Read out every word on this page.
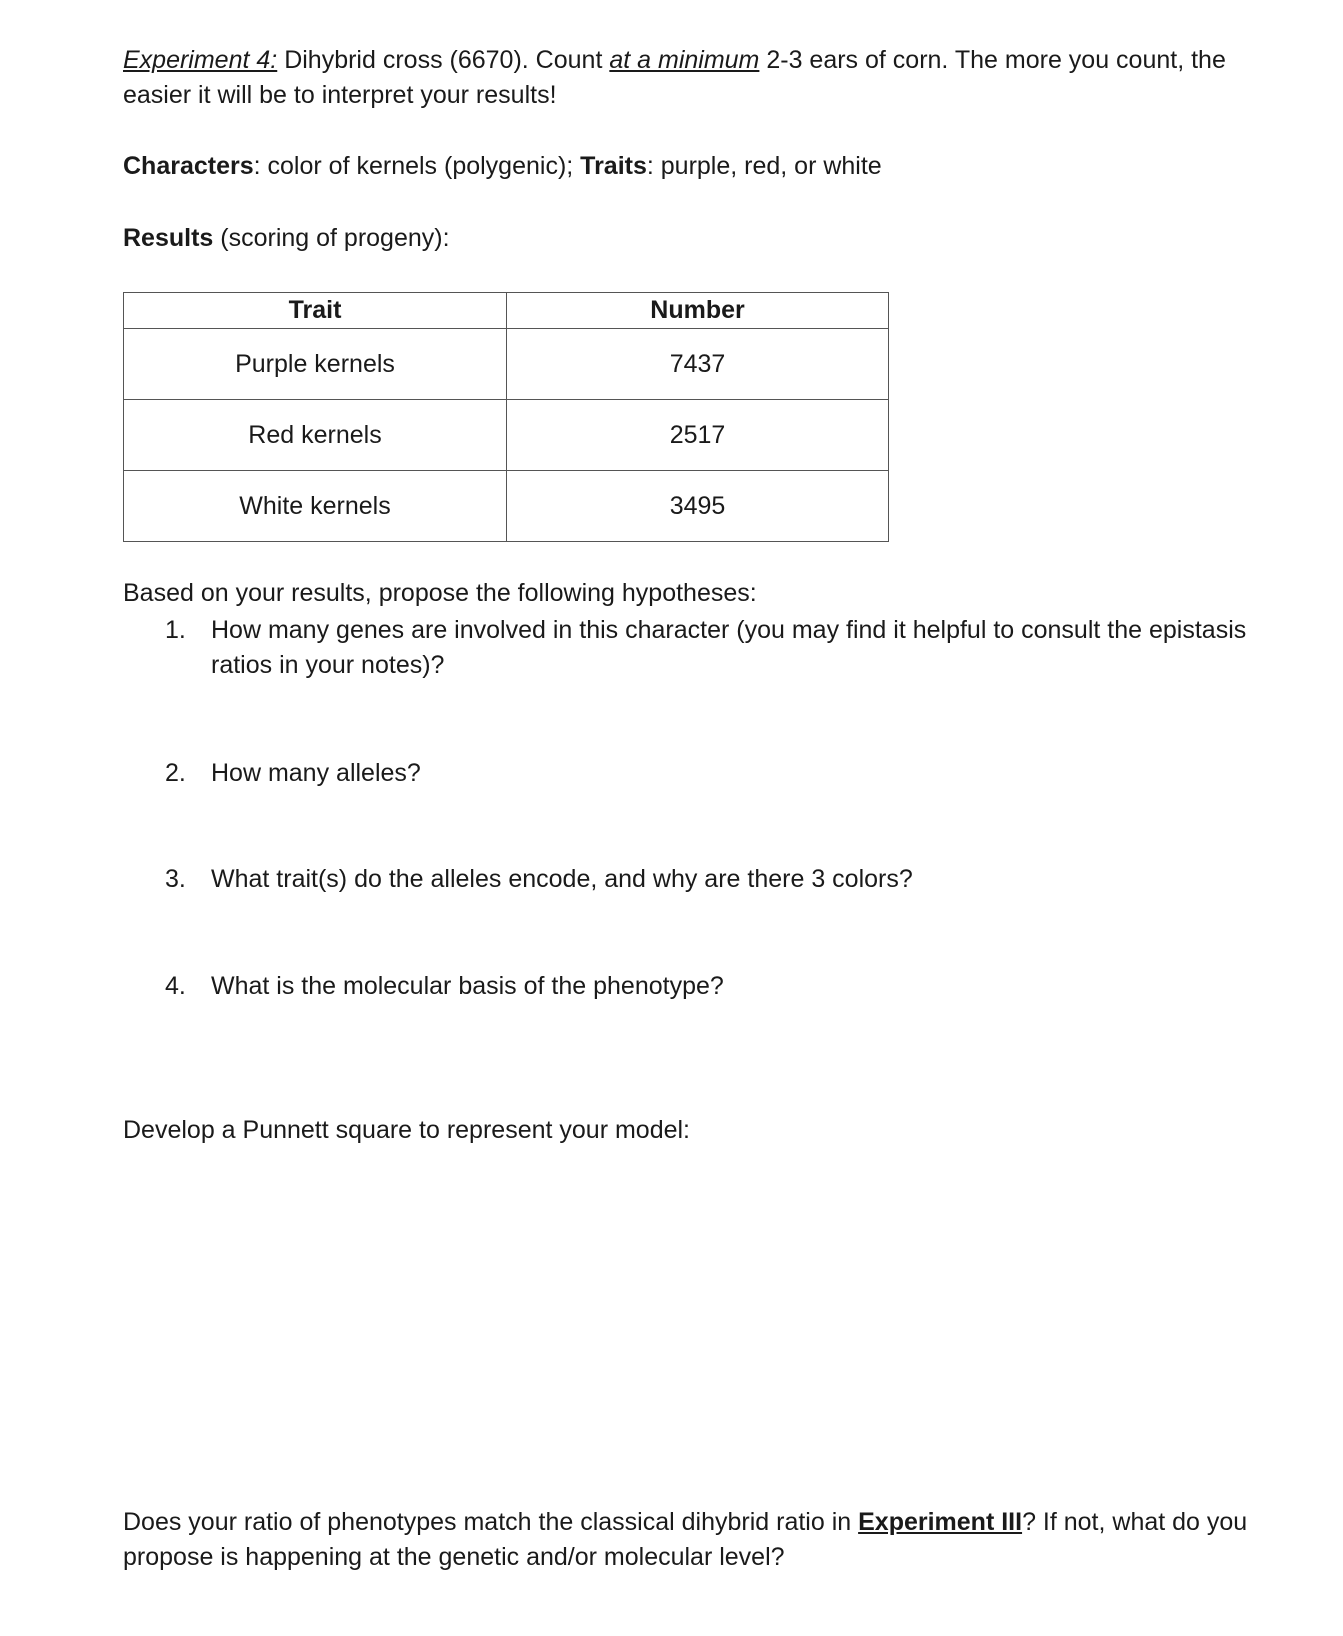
Experiment 4: Dihybrid cross (6670). Count at a minimum 2-3 ears of corn. The more you count, the easier it will be to interpret your results!
Characters: color of kernels (polygenic); Traits: purple, red, or white
Results (scoring of progeny):
Trait	Number
Purple kernels	7437
Red kernels	2517
White kernels	3495
Based on your results, propose the following hypotheses:
1.	How many genes are involved in this character (you may find it helpful to consult the epistasis ratios in your notes)?
2.	How many alleles?
3.	What trait(s) do the alleles encode, and why are there 3 colors?
4.	What is the molecular basis of the phenotype?
Develop a Punnett square to represent your model:
Does your ratio of phenotypes match the classical dihybrid ratio in Experiment III? If not, what do you propose is happening at the genetic and/or molecular level?
